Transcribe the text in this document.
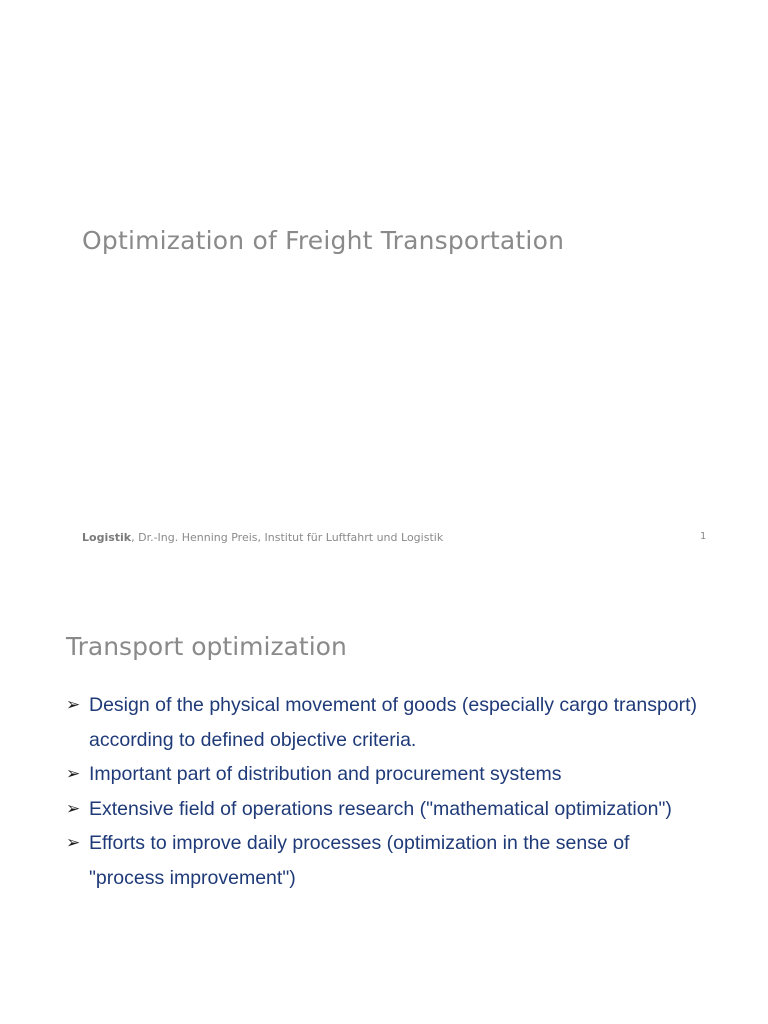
Optimization of Freight Transportation
Logistik, Dr.-Ing. Henning Preis, Institut für Luftfahrt und Logistik	1
Transport optimization
➢ Design of the physical movement of goods (especially cargo transport) according to defined objective criteria.
➢ Important part of distribution and procurement systems
➢ Extensive field of operations research ("mathematical optimization")
➢ Efforts to improve daily processes (optimization in the sense of "process improvement")
